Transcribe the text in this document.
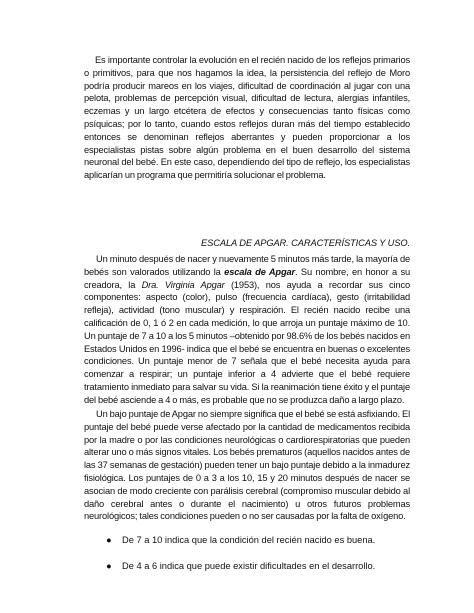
Es importante controlar la evolución en el recién nacido de los reflejos primarios o primitivos, para que nos hagamos la idea, la persistencia del reflejo de Moro podría producir mareos en los viajes, dificultad de coordinación al jugar con una pelota, problemas de percepción visual, dificultad de lectura, alergias infantiles, eczemas y un largo etcétera de efectos y consecuencias tanto físicas como psíquicas; por lo tanto, cuando estos reflejos duran más del tiempo establecido entonces se denominan reflejos aberrantes y pueden proporcionar a los especialistas pistas sobre algún problema en el buen desarrollo del sistema neuronal del bebé. En este caso, dependiendo del tipo de reflejo, los especialistas aplicarían un programa que permitiría solucionar el problema.

ESCALA DE APGAR. CARACTERÍSTICAS Y USO.

Un minuto después de nacer y nuevamente 5 minutos más tarde, la mayoría de bebés son valorados utilizando la escala de Apgar. Su nombre, en honor a su creadora, la Dra. Virginia Apgar (1953), nos ayuda a recordar sus cinco componentes: aspecto (color), pulso (frecuencia cardíaca), gesto (irritabilidad refleja), actividad (tono muscular) y respiración. El recién nacido recibe una calificación de 0, 1 ó 2 en cada medición, lo que arroja un puntaje máximo de 10. Un puntaje de 7 a 10 a los 5 minutos –obtenido por 98.6% de los bebés nacidos en Estados Unidos en 1996- indica que el bebé se encuentra en buenas o excelentes condiciones. Un puntaje menor de 7 señala que el bebé necesita ayuda para comenzar a respirar; un puntaje inferior a 4 advierte que el bebé requiere tratamiento inmediato para salvar su vida. Si la reanimación tiene éxito y el puntaje del bebé asciende a 4 o más, es probable que no se produzca daño a largo plazo.

Un bajo puntaje de Apgar no siempre significa que el bebé se está asfixiando. El puntaje del bebé puede verse afectado por la cantidad de medicamentos recibida por la madre o por las condiciones neurológicas o cardiorespiratorias que pueden alterar uno o más signos vitales. Los bebés prematuros (aquellos nacidos antes de las 37 semanas de gestación) pueden tener un bajo puntaje debido a la inmadurez fisiológica. Los puntajes de 0 a 3 a los 10, 15 y 20 minutos después de nacer se asocian de modo creciente con parálisis cerebral (compromiso muscular debido al daño cerebral antes o durante el nacimiento) u otros futuros problemas neurológicos; tales condiciones pueden o no ser causadas por la falta de oxígeno.

● De 7 a 10 indica que la condición del recién nacido es buena.
● De 4 a 6 indica que puede existir dificultades en el desarrollo.
